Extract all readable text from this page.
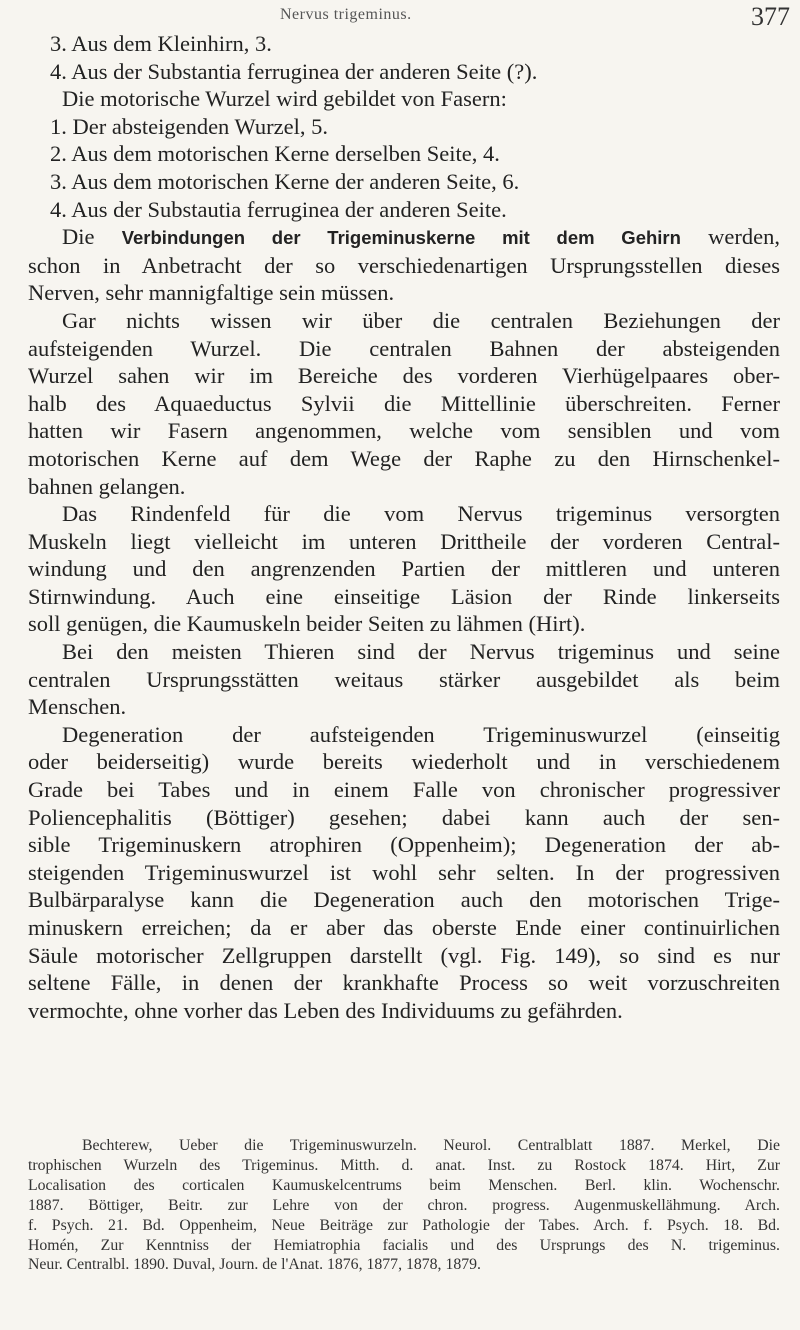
Nervus trigeminus.	377
3. Aus dem Kleinhirn, 3.
4. Aus der Substantia ferruginea der anderen Seite (?).
Die motorische Wurzel wird gebildet von Fasern:
1. Der absteigenden Wurzel, 5.
2. Aus dem motorischen Kerne derselben Seite, 4.
3. Aus dem motorischen Kerne der anderen Seite, 6.
4. Aus der Substautia ferruginea der anderen Seite.
Die Verbindungen der Trigeminuskerne mit dem Gehirn werden,
schon in Anbetracht der so verschiedenartigen Ursprungsstellen dieses
Nerven, sehr mannigfaltige sein müssen.
Gar nichts wissen wir über die centralen Beziehungen der
aufsteigenden Wurzel. Die centralen Bahnen der absteigenden
Wurzel sahen wir im Bereiche des vorderen Vierhügelpaares ober-
halb des Aquaeductus Sylvii die Mittellinie überschreiten. Ferner
hatten wir Fasern angenommen, welche vom sensiblen und vom
motorischen Kerne auf dem Wege der Raphe zu den Hirnschenkel-
bahnen gelangen.
Das Rindenfeld für die vom Nervus trigeminus versorgten
Muskeln liegt vielleicht im unteren Drittheile der vorderen Central-
windung und den angrenzenden Partien der mittleren und unteren
Stirnwindung. Auch eine einseitige Läsion der Rinde linkerseits
soll genügen, die Kaumuskeln beider Seiten zu lähmen (Hirt).
Bei den meisten Thieren sind der Nervus trigeminus und seine
centralen Ursprungsstätten weitaus stärker ausgebildet als beim
Menschen.
Degeneration der aufsteigenden Trigeminuswurzel (einseitig
oder beiderseitig) wurde bereits wiederholt und in verschiedenem
Grade bei Tabes und in einem Falle von chronischer progressiver
Poliencephalitis (Böttiger) gesehen; dabei kann auch der sen-
sible Trigeminuskern atrophiren (Oppenheim); Degeneration der ab-
steigenden Trigeminuswurzel ist wohl sehr selten. In der progressiven
Bulbärparalyse kann die Degeneration auch den motorischen Trige-
minuskern erreichen; da er aber das oberste Ende einer continuirlichen
Säule motorischer Zellgruppen darstellt (vgl. Fig. 149), so sind es nur
seltene Fälle, in denen der krankhafte Process so weit vorzuschreiten
vermochte, ohne vorher das Leben des Individuums zu gefährden.
Bechterew, Ueber die Trigeminuswurzeln. Neurol. Centralblatt 1887. Merkel, Die
trophischen Wurzeln des Trigeminus. Mitth. d. anat. Inst. zu Rostock 1874. Hirt, Zur
Localisation des corticalen Kaumuskelcentrums beim Menschen. Berl. klin. Wochenschr.
1887. Böttiger, Beitr. zur Lehre von der chron. progress. Augenmuskellähmung. Arch.
f. Psych. 21. Bd. Oppenheim, Neue Beiträge zur Pathologie der Tabes. Arch. f. Psych. 18. Bd.
Homén, Zur Kenntniss der Hemiatrophia facialis und des Ursprungs des N. trigeminus.
Neur. Centralbl. 1890. Duval, Journ. de l'Anat. 1876, 1877, 1878, 1879.
